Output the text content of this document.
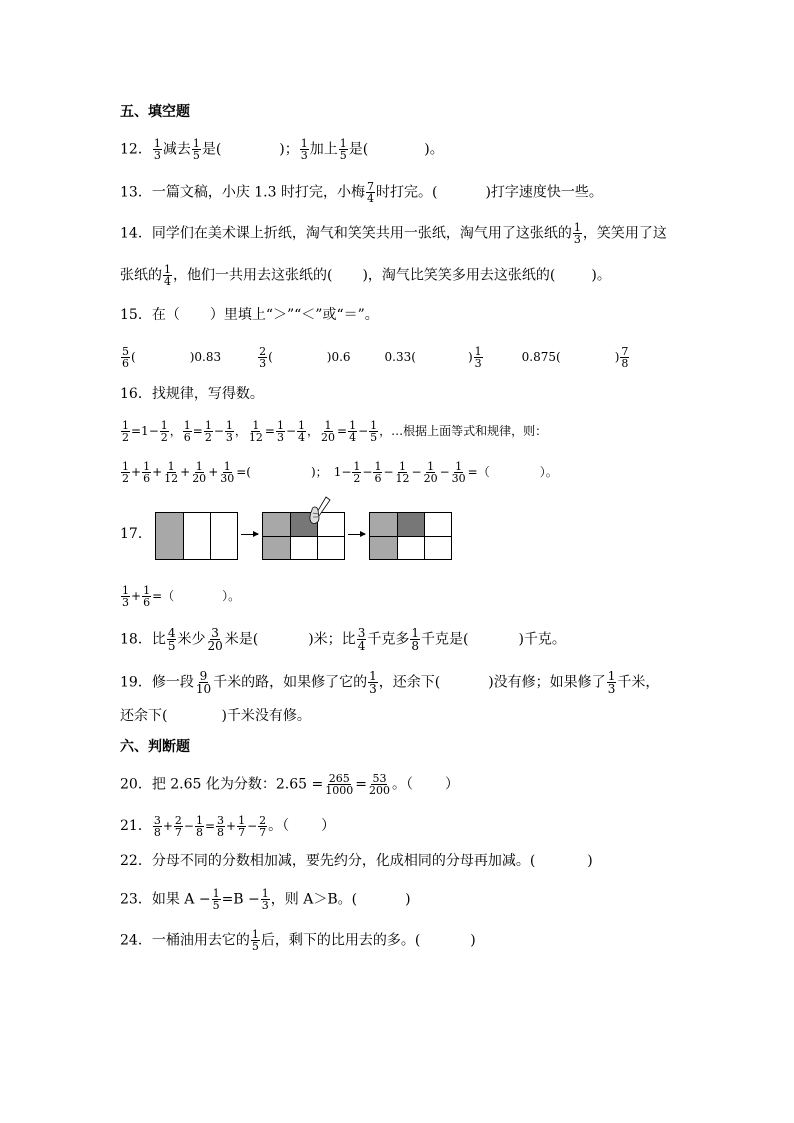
五、填空题
12． $\frac{1}{3}$ 减去 $\frac{1}{5}$ 是(	)； $\frac{1}{3}$ 加上 $\frac{1}{5}$ 是(	)。
13．一篇文稿，小庆 1.3 时打完，小梅 $\frac{7}{4}$ 时打完。(	)打字速度快一些。
14．同学们在美术课上折纸，淘气和笑笑共用一张纸，淘气用了这张纸的 $\frac{1}{3}$ ，笑笑用了这
张纸的 $\frac{1}{4}$ ，他们一共用去这张纸的( )，淘气比笑笑多用去这张纸的(	)。
15．在（ ）里填上“＞”“＜”或“＝”。
$\frac{5}{6}$ (	)0.83	$\frac{2}{3}$ (	)0.6	0.33(	) $\frac{1}{3}$	0.875(	) $\frac{7}{8}$
16．找规律，写得数。
$\frac{1}{2} =1- \frac{1}{2}$ ， $\frac{1}{6} = \frac{1}{2} - \frac{1}{3}$ ， $\frac{1}{12} = \frac{1}{3} - \frac{1}{4}$ ， $\frac{1}{20} = \frac{1}{4} - \frac{1}{5}$ ，…根据上面等式和规律，则：
$\frac{1}{2} + \frac{1}{6} + \frac{1}{12} + \frac{1}{20} + \frac{1}{30}$ =(	)； $1- \frac{1}{2} - \frac{1}{6} - \frac{1}{12} - \frac{1}{20} - \frac{1}{30}$ =（	）。
17．
$\frac{1}{3} + \frac{1}{6}$ =（	）。
18．比 $\frac{4}{5}$ 米少 $\frac{3}{20}$ 米是(	)米；比 $\frac{3}{4}$ 千克多 $\frac{1}{8}$ 千克是(	)千克。
19．修一段 $\frac{9}{10}$ 千米的路，如果修了它的 $\frac{1}{3}$ ，还余下(	)没有修；如果修了 $\frac{1}{3}$ 千米，
还余下(	)千米没有修。
六、判断题
20．把 2.65 化为分数：$2.65 = \frac{265}{1000} = \frac{53}{200}$ 。（ ）
21． $\frac{3}{8} + \frac{2}{7} - \frac{1}{8} = \frac{3}{8} + \frac{1}{7} - \frac{2}{7}$ 。（ ）
22．分母不同的分数相加减，要先约分，化成相同的分母再加减。(	)
23．如果 $A - \frac{1}{5} =B - \frac{1}{3}$ ，则 A＞B。(	)
24．一桶油用去它的 $\frac{1}{5}$ 后，剩下的比用去的多。(	)
